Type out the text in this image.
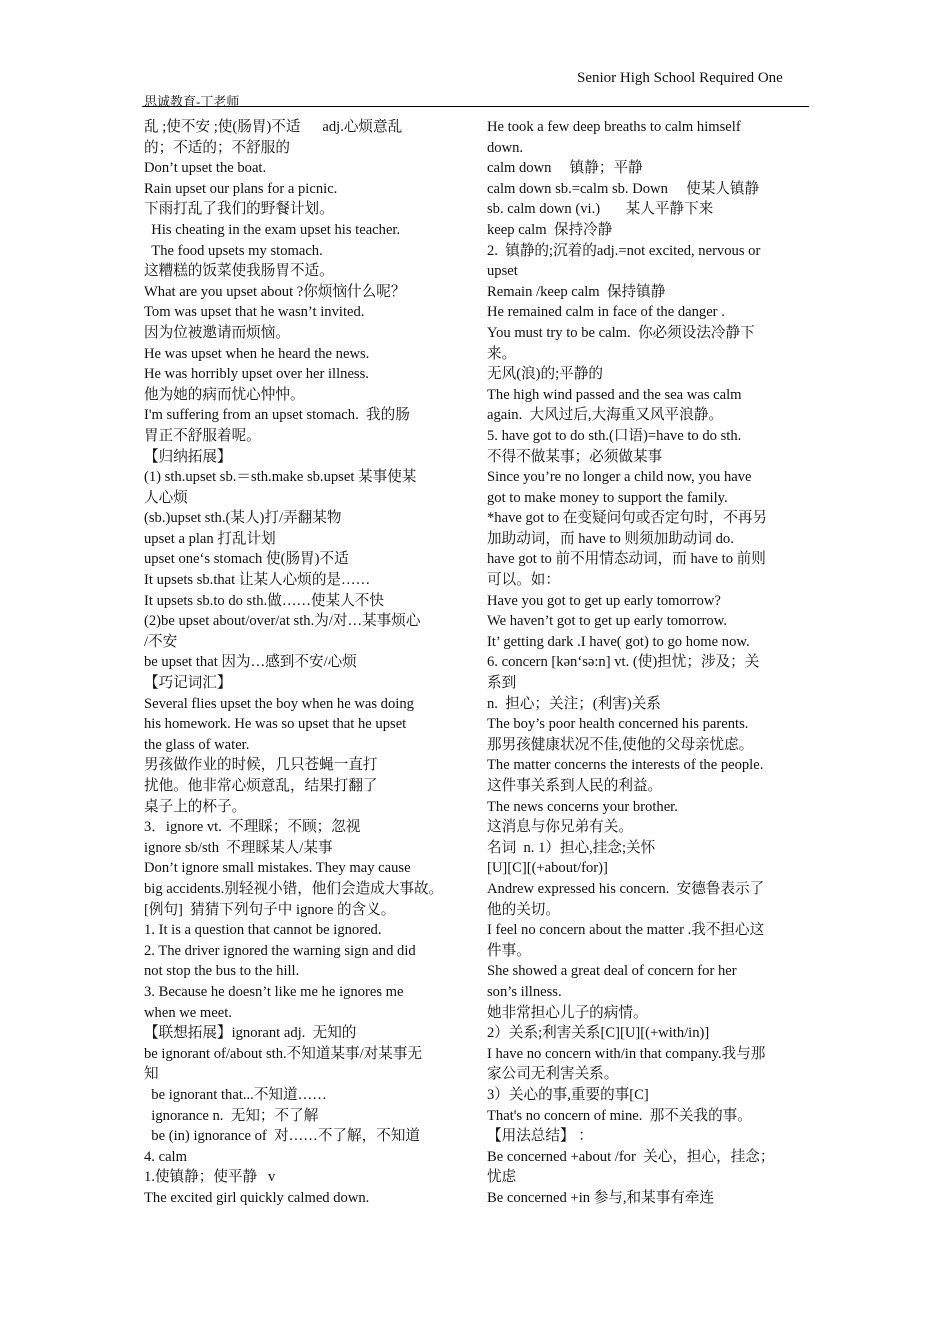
Senior High School Required One
思诚教育-丁老师
乱 ;使不安 ;使(肠胃)不适      adj.心烦意乱
的；不适的；不舒服的
Don’t upset the boat.
Rain upset our plans for a picnic.
下雨打乱了我们的野餐计划。
His cheating in the exam upset his teacher.
The food upsets my stomach.
这糟糕的饭菜使我肠胃不适。
What are you upset about ?你烦恼什么呢？
Tom was upset that he wasn’t invited.
因为位被邀请而烦恼。
He was upset when he heard the news.
He was horribly upset over her illness.
他为她的病而忧心忡忡。
I'm suffering from an upset stomach.  我的肠
胃正不舒服着呢。
【归纳拓展】
(1) sth.upset sb.＝sth.make sb.upset 某事使某
人心烦
(sb.)upset sth.(某人)打/弄翻某物
upset a plan 打乱计划
upset one‘s stomach 使(肠胃)不适
It upsets sb.that 让某人心烦的是……
It upsets sb.to do sth.做……使某人不快
(2)be upset about/over/at sth.为/对…某事烦心
/不安
be upset that 因为…感到不安/心烦
【巧记词汇】
Several flies upset the boy when he was doing
his homework. He was so upset that he upset
the glass of water.
男孩做作业的时候，几只苍蝇一直打
扰他。他非常心烦意乱，结果打翻了
桌子上的杯子。
3．ignore vt.  不理睬；不顾；忽视
ignore sb/sth  不理睬某人/某事
Don’t ignore small mistakes. They may cause
big accidents.别轻视小错，他们会造成大事故。
[例句]  猜猜下列句子中 ignore 的含义。
1. It is a question that cannot be ignored.
2. The driver ignored the warning sign and did
not stop the bus to the hill.
3. Because he doesn’t like me he ignores me
when we meet.
【联想拓展】ignorant adj.  无知的
be ignorant of/about sth.不知道某事/对某事无
知
be ignorant that...不知道……
ignorance n.  无知；不了解
be (in) ignorance of  对……不了解，不知道
4. calm
1.使镇静；使平静   v
The excited girl quickly calmed down.
He took a few deep breaths to calm himself
down.
calm down     镇静；平静
calm down sb.=calm sb. Down     使某人镇静
sb. calm down (vi.)       某人平静下来
keep calm  保持冷静
2.  镇静的;沉着的adj.=not excited, nervous or
upset
Remain /keep calm  保持镇静
He remained calm in face of the danger .
You must try to be calm.  你必须设法冷静下
来。
无风(浪)的;平静的
The high wind passed and the sea was calm
again.  大风过后,大海重又风平浪静。
5. have got to do sth.(口语)=have to do sth.
不得不做某事；必须做某事
Since you’re no longer a child now, you have
got to make money to support the family.
*have got to 在变疑问句或否定句时，不再另
加助动词，而 have to 则须加助动词 do.
have got to 前不用情态动词，而 have to 前则
可以。如：
Have you got to get up early tomorrow?
We haven’t got to get up early tomorrow.
It’ getting dark .I have( got) to go home now.
6. concern [kən‘sə:n] vt. (使)担忧；涉及；关
系到
n.  担心；关注；(利害)关系
The boy’s poor health concerned his parents.
那男孩健康状况不佳,使他的父母亲忧虑。
The matter concerns the interests of the people.
这件事关系到人民的利益。
The news concerns your brother.
这消息与你兄弟有关。
名词  n. 1）担心,挂念;关怀
[U][C][(+about/for)]
Andrew expressed his concern.  安德鲁表示了
他的关切。
I feel no concern about the matter .我不担心这
件事。
She showed a great deal of concern for her
son’s illness.
她非常担心儿子的病情。
2）关系;利害关系[C][U][(+with/in)]
I have no concern with/in that company.我与那
家公司无利害关系。
3）关心的事,重要的事[C]
That's no concern of mine.  那不关我的事。
【用法总结】 ：
Be concerned +about /for  关心，担心，挂念；
忧虑
Be concerned +in 参与,和某事有牵连
